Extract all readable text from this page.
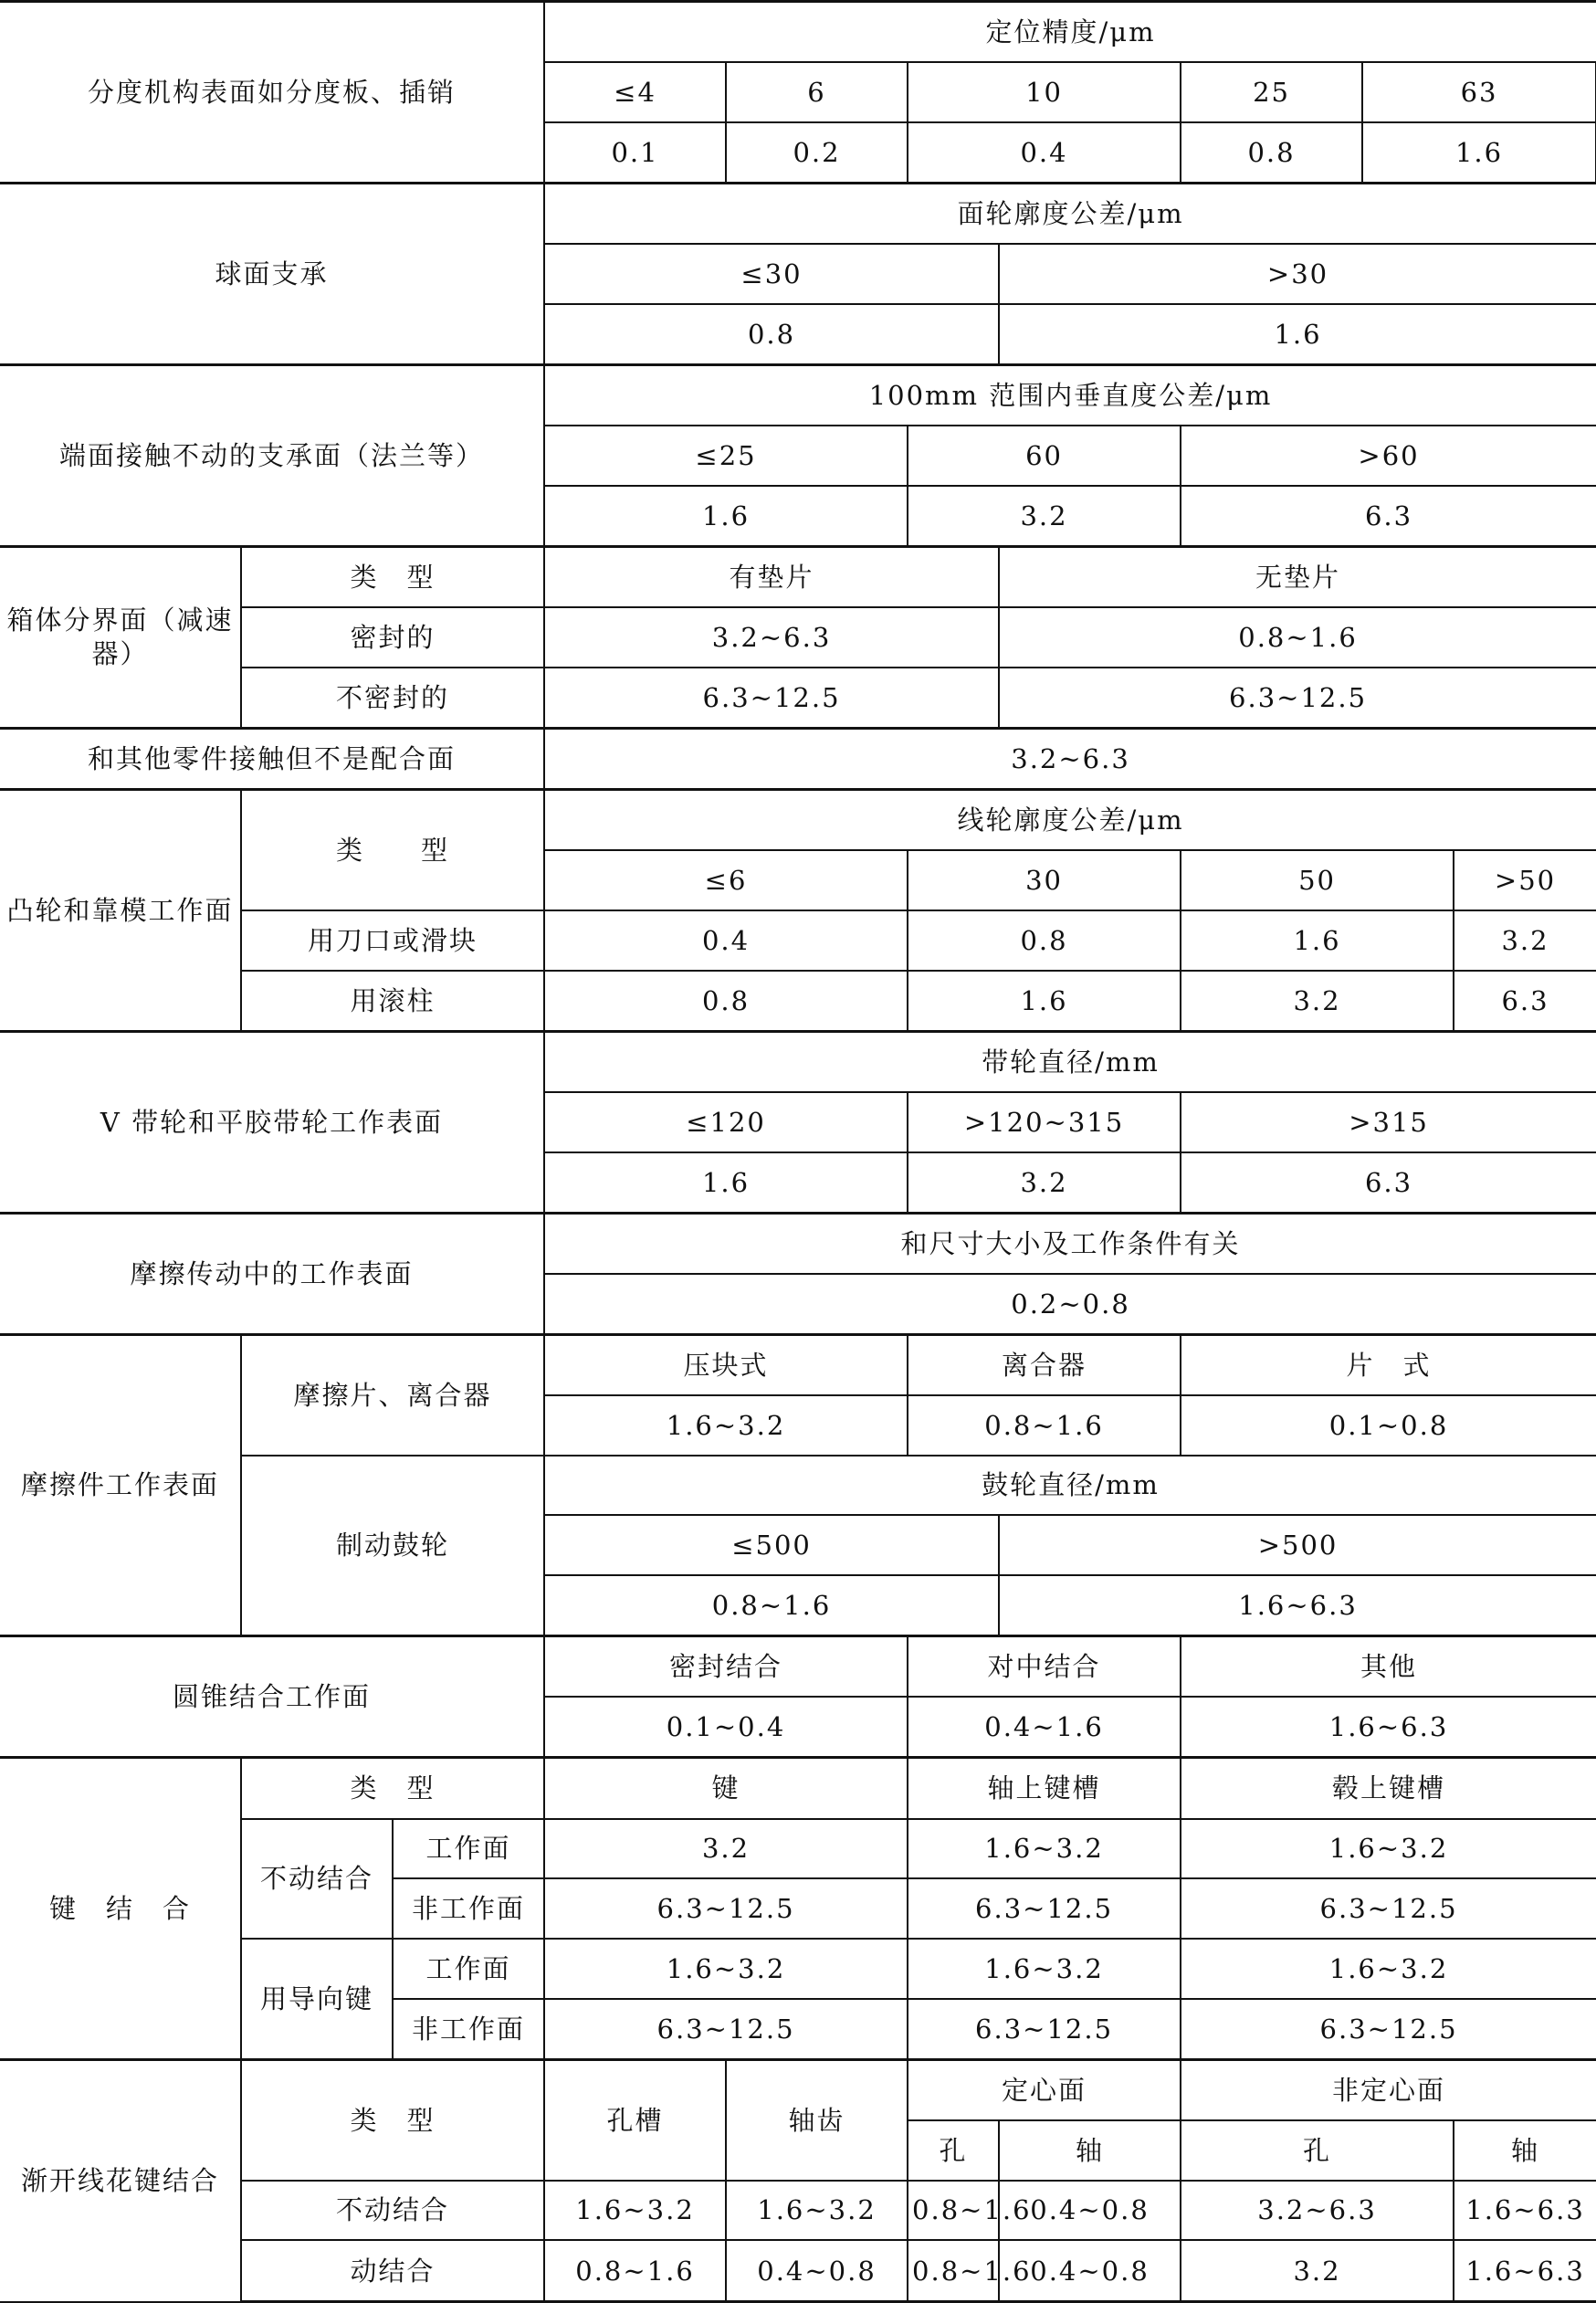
分度机构表面如分度板、插销			定位精度/μm							
			≤4	6	10		25	63	
			0.1	0.2	0.4		0.8	1.6	
球面支承			面轮廓度公差/μm							
			≤30			>30				
			0.8			1.6				
端面接触不动的支承面（法兰等）			100mm 范围内垂直度公差/μm							
			≤25		60		>60			
			1.6		3.2		6.3			
箱体分界面（减速器）	类　型		有垫片			无垫片				
	密封的		3.2~6.3			0.8~1.6				
	不密封的		6.3~12.5			6.3~12.5				
和其他零件接触但不是配合面			3.2~6.3							
凸轮和靠模工作面	类　　型		线轮廓度公差/μm							
			≤6		30		50		>50	
	用刀口或滑块		0.4		0.8		1.6		3.2	
	用滚柱		0.8		1.6		3.2		6.3	
V 带轮和平胶带轮工作表面			带轮直径/mm							
			≤120		>120~315		>315			
			1.6		3.2		6.3			
摩擦传动中的工作表面			和尺寸大小及工作条件有关							
			0.2~0.8							
摩擦件工作表面	摩擦片、离合器		压块式		离合器		片　式			
			1.6~3.2		0.8~1.6		0.1~0.8			
	制动鼓轮		鼓轮直径/mm							
			≤500			>500				
			0.8~1.6			1.6~6.3				
圆锥结合工作面			密封结合		对中结合		其他			
			0.1~0.4		0.4~1.6		1.6~6.3			
键　结　合	类　型		键		轴上键槽		毂上键槽			
	不动结合	工作面	3.2		1.6~3.2		1.6~3.2			
		非工作面	6.3~12.5		6.3~12.5		6.3~12.5			
	用导向键	工作面	1.6~3.2		1.6~3.2		1.6~3.2			
		非工作面	6.3~12.5		6.3~12.5		6.3~12.5			
渐开线花键结合	类　型		孔槽	轴齿	定心面		非定心面			
					孔	轴	孔		轴	
	不动结合		1.6~3.2	1.6~3.2	0.8~1.6	0.4~0.8	3.2~6.3		1.6~6.3	
	动结合		0.8~1.6	0.4~0.8	0.8~1.6	0.4~0.8	3.2		1.6~6.3	
